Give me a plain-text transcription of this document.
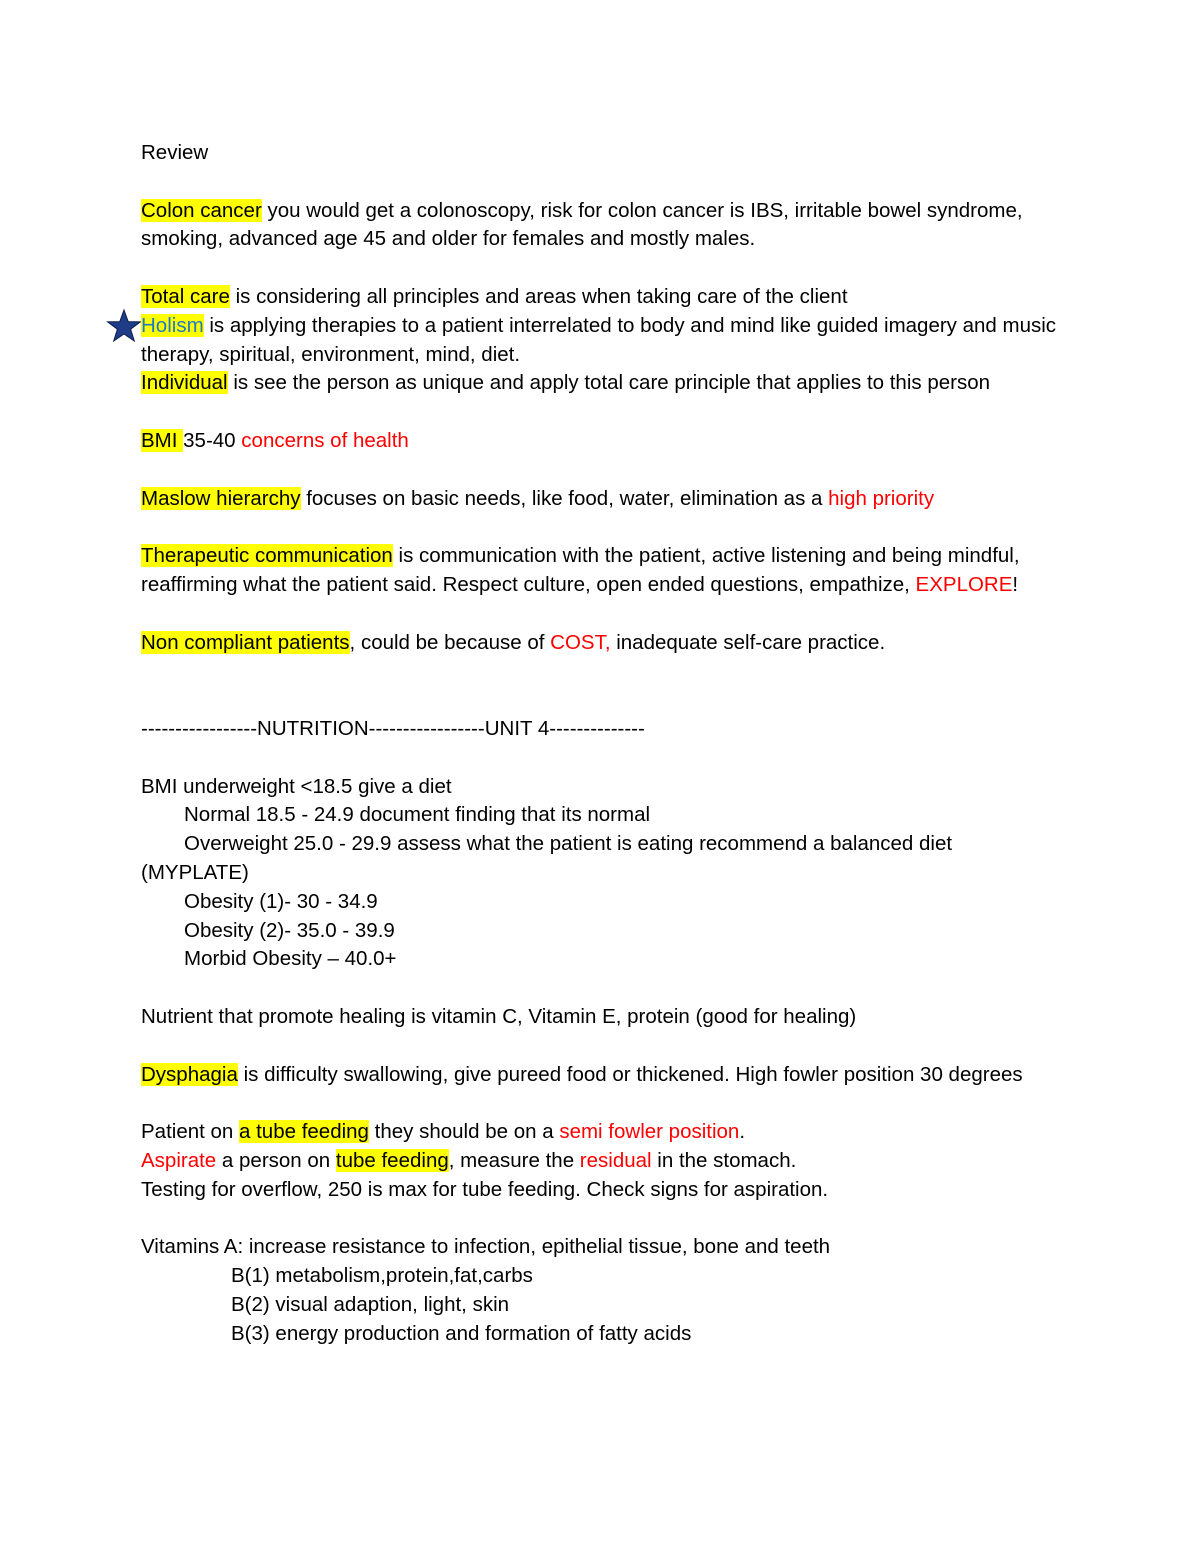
Review
Colon cancer you would get a colonoscopy, risk for colon cancer is IBS, irritable bowel syndrome, smoking, advanced age 45 and older for females and mostly males.
Total care is considering all principles and areas when taking care of the client
Holism is applying therapies to a patient interrelated to body and mind like guided imagery and music therapy, spiritual, environment, mind, diet.
Individual is see the person as unique and apply total care principle that applies to this person
BMI 35-40 concerns of health
Maslow hierarchy focuses on basic needs, like food, water, elimination as a high priority
Therapeutic communication is communication with the patient, active listening and being mindful, reaffirming what the patient said. Respect culture, open ended questions, empathize, EXPLORE!
Non compliant patients, could be because of COST, inadequate self-care practice.
-----------------NUTRITION-----------------UNIT 4--------------
BMI underweight <18.5 give a diet
Normal 18.5 - 24.9 document finding that its normal
Overweight 25.0 - 29.9 assess what the patient is eating recommend a balanced diet
(MYPLATE)
Obesity (1)- 30 - 34.9
Obesity (2)- 35.0 - 39.9
Morbid Obesity – 40.0+
Nutrient that promote healing is vitamin C, Vitamin E, protein (good for healing)
Dysphagia is difficulty swallowing, give pureed food or thickened. High fowler position 30 degrees
Patient on a tube feeding they should be on a semi fowler position.
Aspirate a person on tube feeding, measure the residual in the stomach.
Testing for overflow, 250 is max for tube feeding. Check signs for aspiration.
Vitamins A: increase resistance to infection, epithelial tissue, bone and teeth
B(1) metabolism,protein,fat,carbs
B(2) visual adaption, light, skin
B(3) energy production and formation of fatty acids
